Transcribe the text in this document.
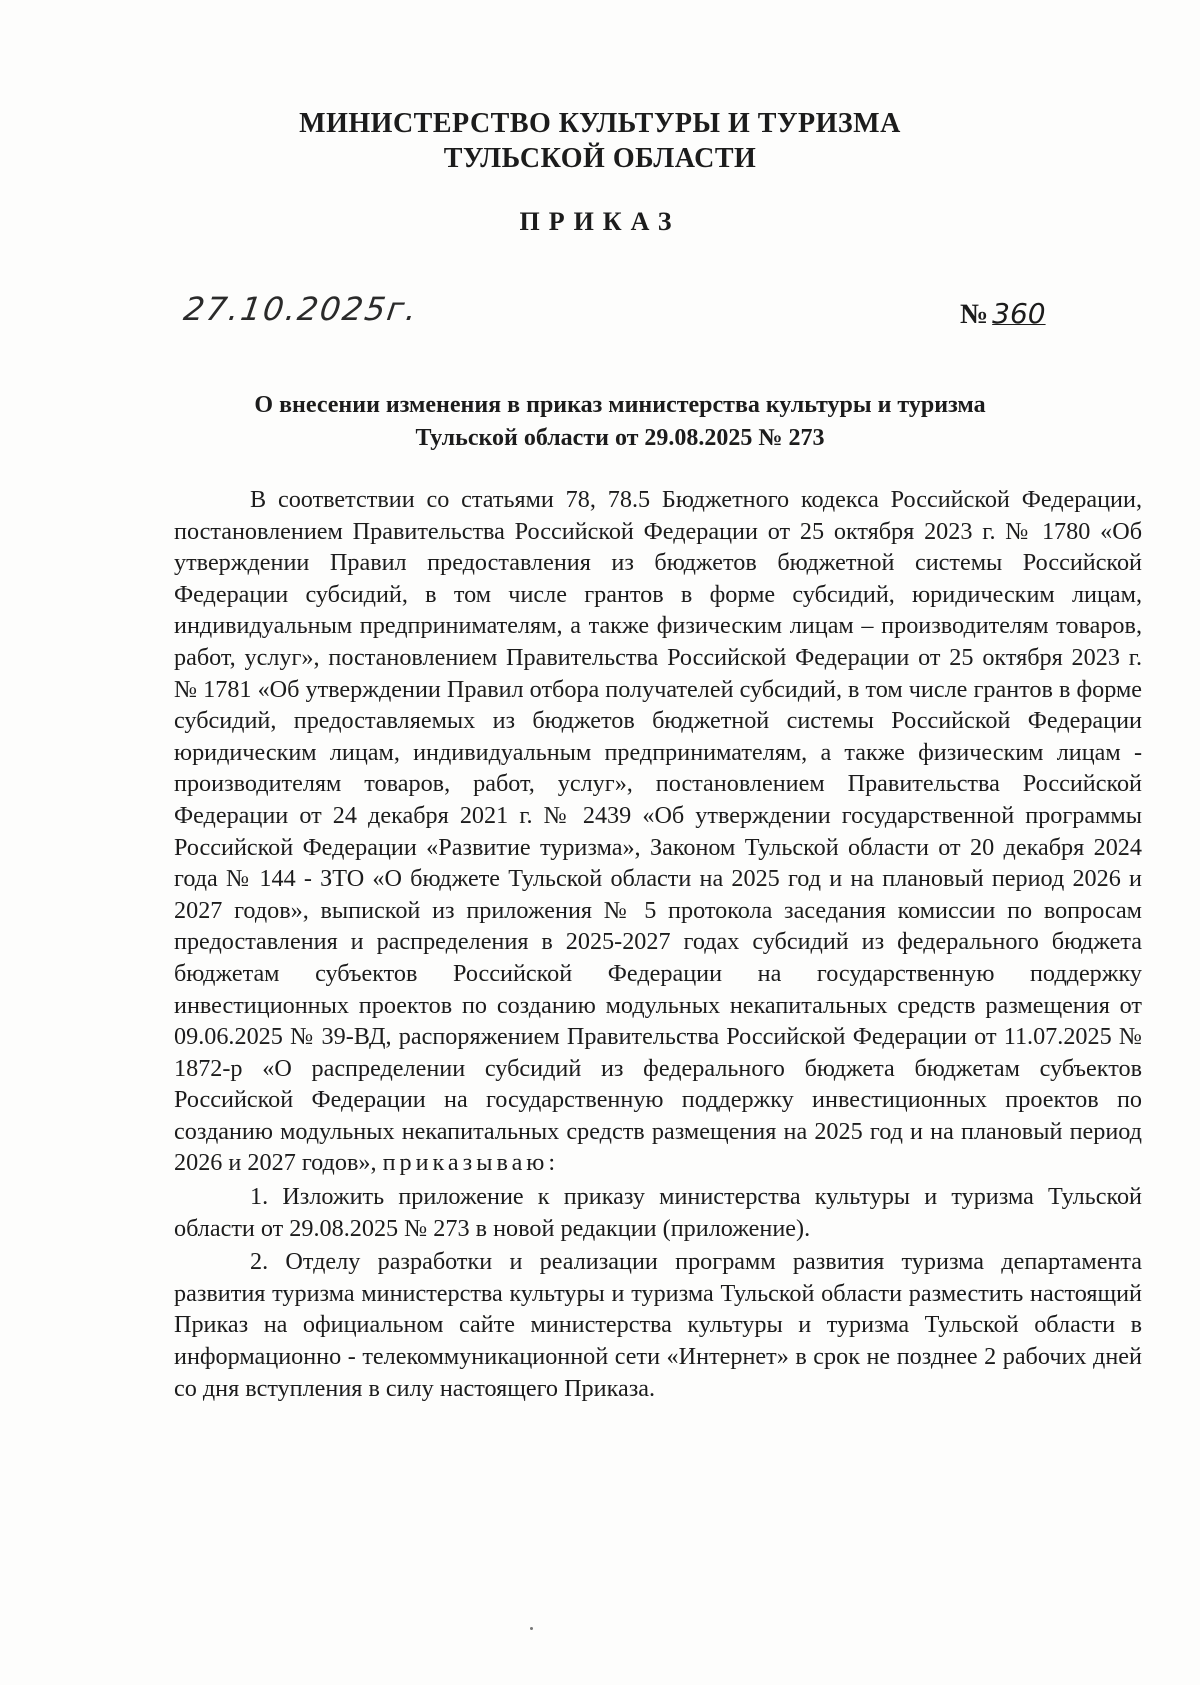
МИНИСТЕРСТВО КУЛЬТУРЫ И ТУРИЗМА
ТУЛЬСКОЙ ОБЛАСТИ
ПРИКАЗ
27.10.2025г.	№ 360
О внесении изменения в приказ министерства культуры и туризма
Тульской области от 29.08.2025 № 273

В соответствии со статьями 78, 78.5 Бюджетного кодекса Российской Федерации, постановлением Правительства Российской Федерации от 25 октября 2023 г. № 1780 «Об утверждении Правил предоставления из бюджетов бюджетной системы Российской Федерации субсидий, в том числе грантов в форме субсидий, юридическим лицам, индивидуальным предпринимателям, а также физическим лицам – производителям товаров, работ, услуг», постановлением Правительства Российской Федерации от 25 октября 2023 г. № 1781 «Об утверждении Правил отбора получателей субсидий, в том числе грантов в форме субсидий, предоставляемых из бюджетов бюджетной системы Российской Федерации юридическим лицам, индивидуальным предпринимателям, а также физическим лицам - производителям товаров, работ, услуг», постановлением Правительства Российской Федерации от 24 декабря 2021 г. № 2439 «Об утверждении государственной программы Российской Федерации «Развитие туризма», Законом Тульской области от 20 декабря 2024 года № 144 - ЗТО «О бюджете Тульской области на 2025 год и на плановый период 2026 и 2027 годов», выпиской из приложения № 5 протокола заседания комиссии по вопросам предоставления и распределения в 2025-2027 годах субсидий из федерального бюджета бюджетам субъектов Российской Федерации на государственную поддержку инвестиционных проектов по созданию модульных некапитальных средств размещения от 09.06.2025 № 39-ВД, распоряжением Правительства Российской Федерации от 11.07.2025 № 1872-р «О распределении субсидий из федерального бюджета бюджетам субъектов Российской Федерации на государственную поддержку инвестиционных проектов по созданию модульных некапитальных средств размещения на 2025 год и на плановый период 2026 и 2027 годов», приказываю:

1. Изложить приложение к приказу министерства культуры и туризма Тульской области от 29.08.2025 № 273 в новой редакции (приложение).

2. Отделу разработки и реализации программ развития туризма департамента развития туризма министерства культуры и туризма Тульской области разместить настоящий Приказ на официальном сайте министерства культуры и туризма Тульской области в информационно - телекоммуникационной сети «Интернет» в срок не позднее 2 рабочих дней со дня вступления в силу настоящего Приказа.
